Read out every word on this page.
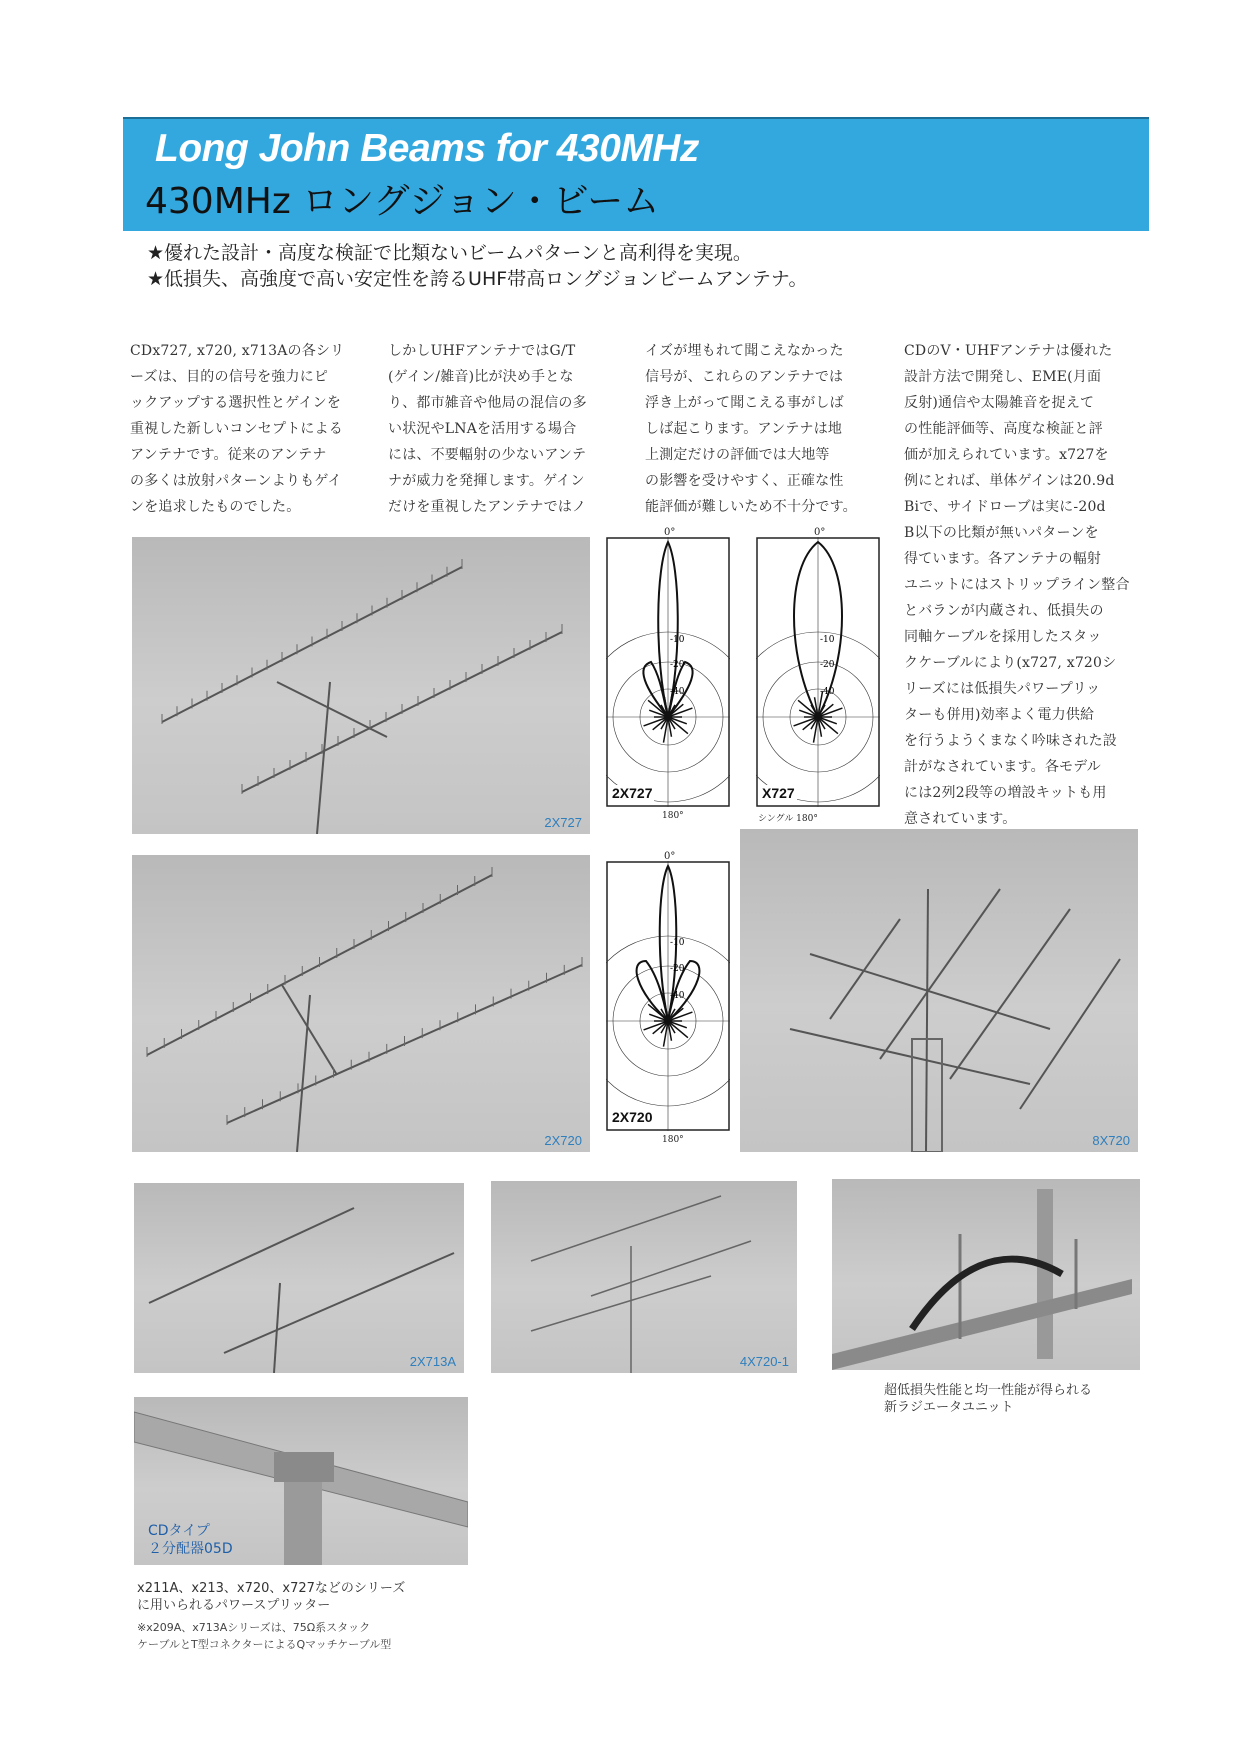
Long John Beams for 430MHz
430MHz ロングジョン・ビーム
★優れた設計・高度な検証で比類ないビームパターンと高利得を実現。
★低損失、高強度で高い安定性を誇るUHF帯高ロングジョンビームアンテナ。
CDx727, x720, x713Aの各シリ
ーズは、目的の信号を強力にピ
ックアップする選択性とゲインを
重視した新しいコンセプトによる
アンテナです。従来のアンテナ
の多くは放射パターンよりもゲイ
ンを追求したものでした。
しかしUHFアンテナではG/T
(ゲイン/雑音)比が決め手とな
り、都市雑音や他局の混信の多
い状況やLNAを活用する場合
には、不要輻射の少ないアンテ
ナが威力を発揮します。ゲイン
だけを重視したアンテナではノ
イズが埋もれて聞こえなかった
信号が、これらのアンテナでは
浮き上がって聞こえる事がしば
しば起こります。アンテナは地
上測定だけの評価では大地等
の影響を受けやすく、正確な性
能評価が難しいため不十分です。
CDのV・UHFアンテナは優れた
設計方法で開発し、EME(月面
反射)通信や太陽雑音を捉えて
の性能評価等、高度な検証と評
価が加えられています。x727を
例にとれば、単体ゲインは20.9d
Biで、サイドローブは実に-20d
B以下の比類が無いパターンを
得ています。各アンテナの輻射
ユニットにはストリップライン整合
とバランが内蔵され、低損失の
同軸ケーブルを採用したスタッ
クケーブルにより(x727, x720シ
リーズには低損失パワープリッ
ターも併用)効率よく電力供給
を行うようくまなく吟味された設
計がなされています。各モデル
には2列2段等の増設キットも用
意されています。
2X727
0°
-10
-20
-40
2X727
180°
0°
-10
-20
-40
X727
シングル 180°
2X720
0°
-10
-20
-40
2X720
180°	8X720
2X713A	4X720-1
超低損失性能と均一性能が得られる
新ラジエータユニット
CDタイプ
２分配器05D
x211A、x213、x720、x727などのシリーズ
に用いられるパワースプリッター
※x209A、x713Aシリーズは、75Ω系スタック
ケーブルとT型コネクターによるQマッチケーブル型
